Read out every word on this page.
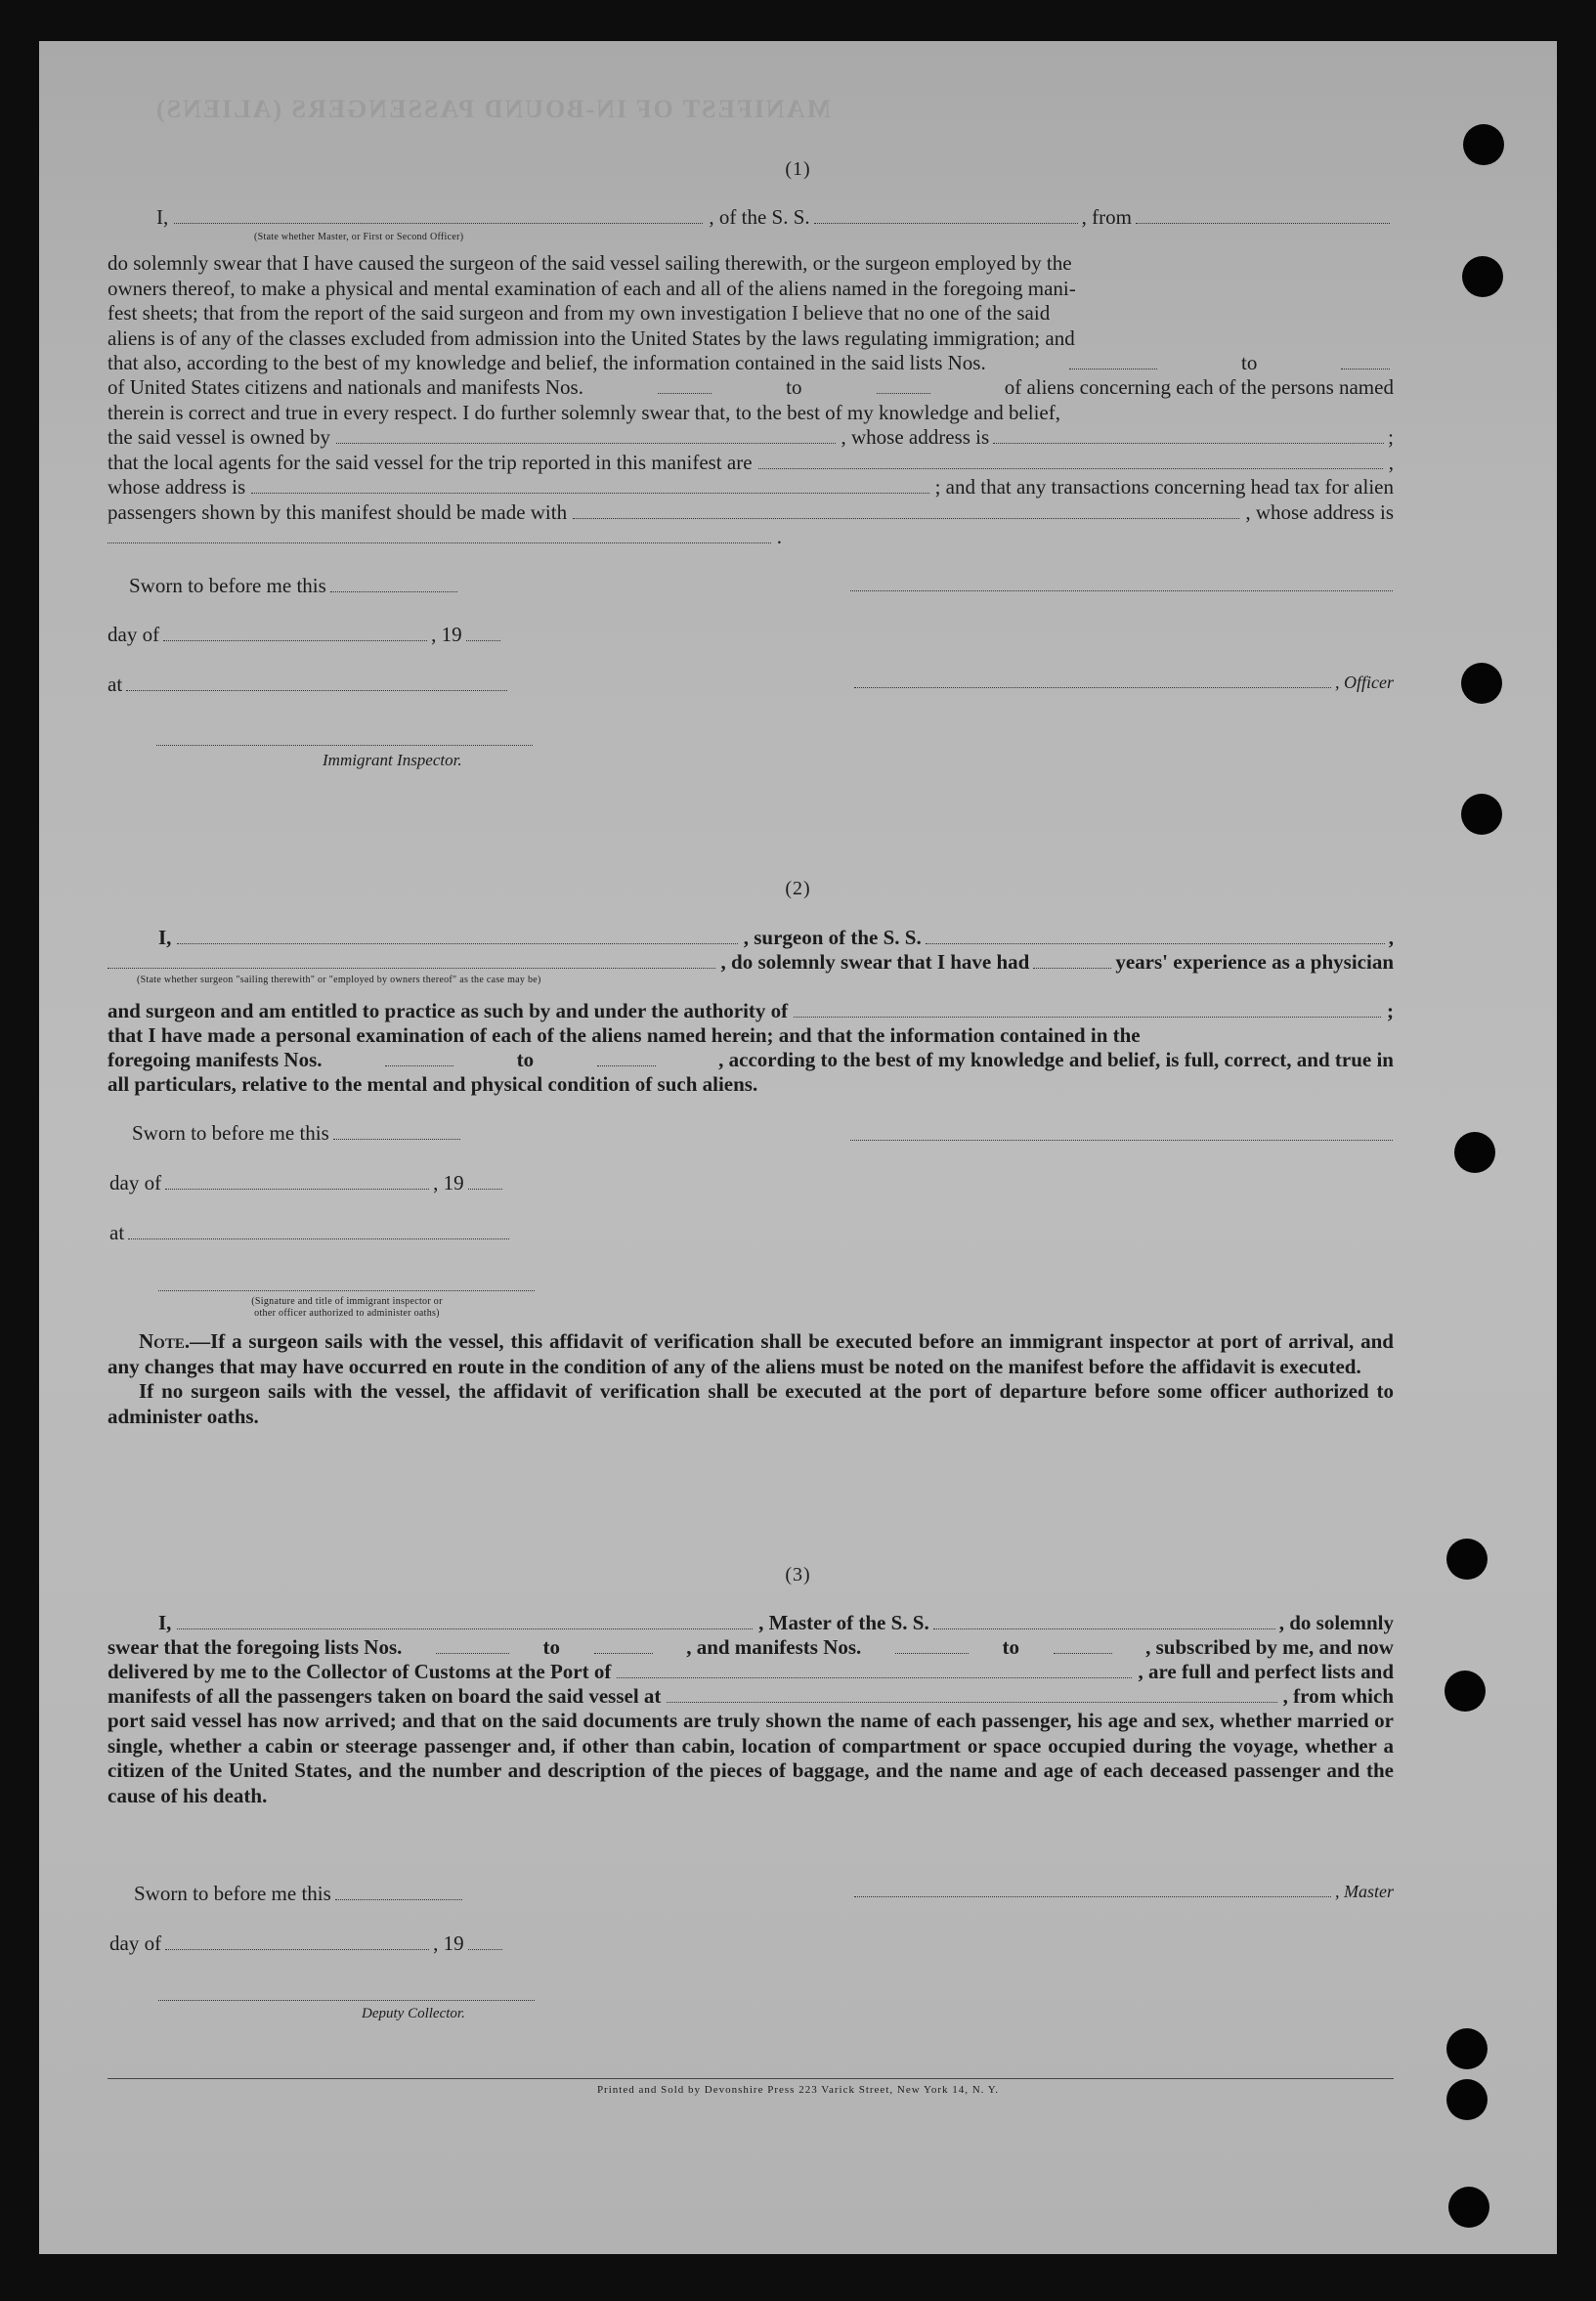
MANIFEST OF IN-BOUND PASSENGERS (ALIENS)
(1)
I,	, of the S. S.	, from
(State whether Master, or First or Second Officer)
do solemnly swear that I have caused the surgeon of the said vessel sailing therewith, or the surgeon employed by the
owners thereof, to make a physical and mental examination of each and all of the aliens named in the foregoing mani-
fest sheets; that from the report of the said surgeon and from my own investigation I believe that no one of the said
aliens is of any of the classes excluded from admission into the United States by the laws regulating immigration; and
that also, according to the best of my knowledge and belief, the information contained in the said lists Nos.	to
of United States citizens and nationals and manifests Nos.	to	of aliens concerning each of the persons named
therein is correct and true in every respect. I do further solemnly swear that, to the best of my knowledge and belief,
the said vessel is owned by	, whose address is	;
that the local agents for the said vessel for the trip reported in this manifest are	,
whose address is	; and that any transactions concerning head tax for alien
passengers shown by this manifest should be made with	, whose address is
.
Sworn to before me this
day of	, 19
at	, Officer
Immigrant Inspector.
(2)
I,	, surgeon of the S. S.	,
, do solemnly swear that I have had	years' experience as a physician
(State whether surgeon "sailing therewith" or "employed by owners thereof" as the case may be)
and surgeon and am entitled to practice as such by and under the authority of	;
that I have made a personal examination of each of the aliens named herein; and that the information contained in the
foregoing manifests Nos.	to	, according to the best of my knowledge and belief, is full, correct, and true in
all particulars, relative to the mental and physical condition of such aliens.
Sworn to before me this
day of	, 19
at
(Signature and title of immigrant inspector or
other officer authorized to administer oaths)
Note.—If a surgeon sails with the vessel, this affidavit of verification shall be executed before an immigrant inspector at port of arrival, and any changes that may have occurred en route in the condition of any of the aliens must be noted on the manifest before the affidavit is executed.
If no surgeon sails with the vessel, the affidavit of verification shall be executed at the port of departure before some officer authorized to administer oaths.
(3)
I,	, Master of the S. S.	, do solemnly
swear that the foregoing lists Nos.	to	, and manifests Nos.	to	, subscribed by me, and now
delivered by me to the Collector of Customs at the Port of	, are full and perfect lists and
manifests of all the passengers taken on board the said vessel at	, from which
port said vessel has now arrived; and that on the said documents are truly shown the name of each passenger, his age and sex, whether married or single, whether a cabin or steerage passenger and, if other than cabin, location of compartment or space occupied during the voyage, whether a citizen of the United States, and the number and description of the pieces of baggage, and the name and age of each deceased passenger and the cause of his death.
Sworn to before me this	, Master
day of	, 19
Deputy Collector.
Printed and Sold by Devonshire Press 223 Varick Street, New York 14, N. Y.
